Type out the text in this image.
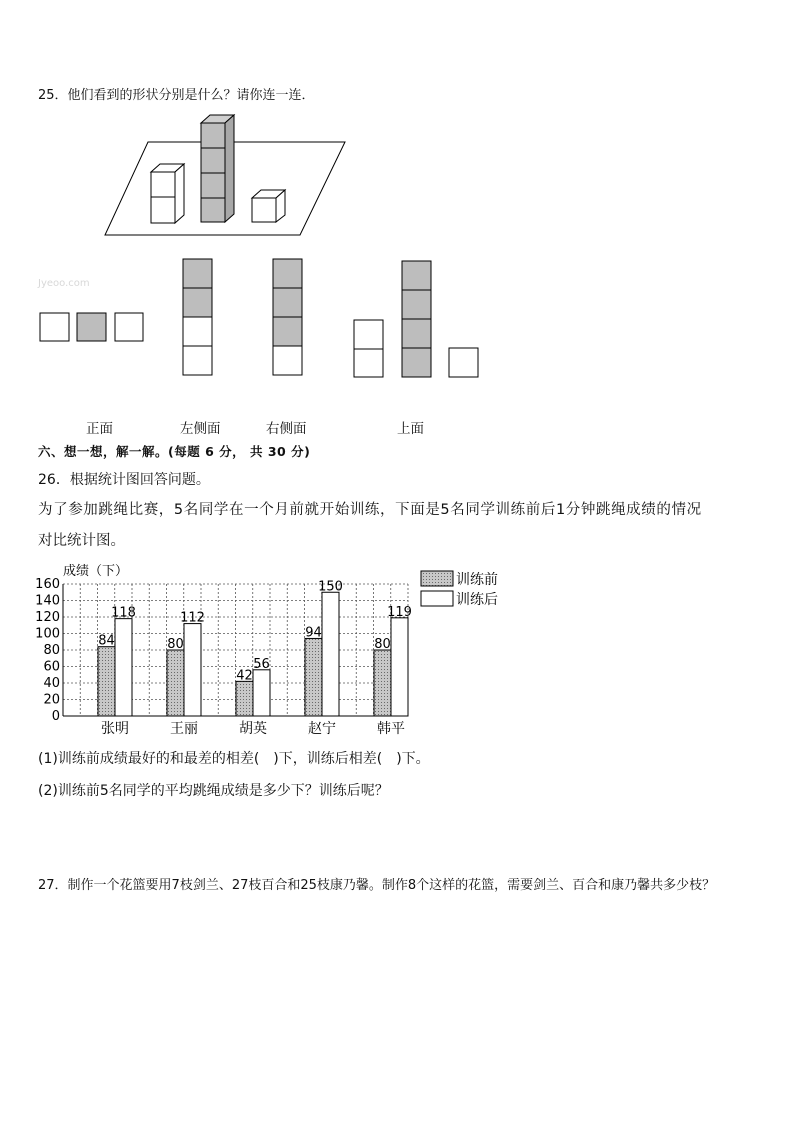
25．他们看到的形状分别是什么？请你连一连．
Jyeoo.com
正面	左侧面	右侧面	上面
六、想一想，解一解。(每题 6 分， 共 30 分)
26．根据统计图回答问题。
为了参加跳绳比赛，5名同学在一个月前就开始训练，下面是5名同学训练前后1分钟跳绳成绩的情况
对比统计图。
成绩（下）
0
20
40
60
80
100
120
140
160
84
118
80
112
42
56
94
150
80
119
张明	王丽	胡英	赵宁	韩平
训练前
训练后
(1)训练前成绩最好的和最差的相差(　)下，训练后相差(　)下。
(2)训练前5名同学的平均跳绳成绩是多少下？训练后呢？
27．制作一个花篮要用7枝剑兰、27枝百合和25枝康乃馨。制作8个这样的花篮，需要剑兰、百合和康乃馨共多少枝？
